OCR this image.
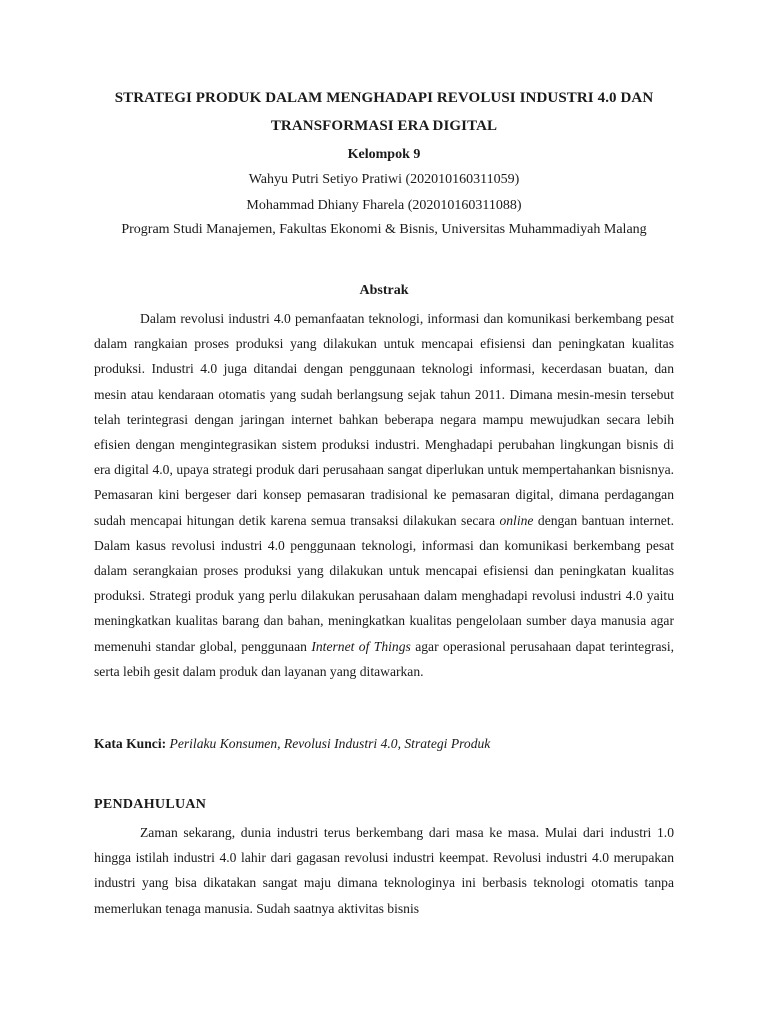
STRATEGI PRODUK DALAM MENGHADAPI REVOLUSI INDUSTRI 4.0 DAN TRANSFORMASI ERA DIGITAL
Kelompok 9
Wahyu Putri Setiyo Pratiwi (202010160311059)
Mohammad Dhiany Fharela (202010160311088)
Program Studi Manajemen, Fakultas Ekonomi & Bisnis, Universitas Muhammadiyah Malang
Abstrak
Dalam revolusi industri 4.0 pemanfaatan teknologi, informasi dan komunikasi berkembang pesat dalam rangkaian proses produksi yang dilakukan untuk mencapai efisiensi dan peningkatan kualitas produksi. Industri 4.0 juga ditandai dengan penggunaan teknologi informasi, kecerdasan buatan, dan mesin atau kendaraan otomatis yang sudah berlangsung sejak tahun 2011. Dimana mesin-mesin tersebut telah terintegrasi dengan jaringan internet bahkan beberapa negara mampu mewujudkan secara lebih efisien dengan mengintegrasikan sistem produksi industri. Menghadapi perubahan lingkungan bisnis di era digital 4.0, upaya strategi produk dari perusahaan sangat diperlukan untuk mempertahankan bisnisnya. Pemasaran kini bergeser dari konsep pemasaran tradisional ke pemasaran digital, dimana perdagangan sudah mencapai hitungan detik karena semua transaksi dilakukan secara online dengan bantuan internet. Dalam kasus revolusi industri 4.0 penggunaan teknologi, informasi dan komunikasi berkembang pesat dalam serangkaian proses produksi yang dilakukan untuk mencapai efisiensi dan peningkatan kualitas produksi. Strategi produk yang perlu dilakukan perusahaan dalam menghadapi revolusi industri 4.0 yaitu meningkatkan kualitas barang dan bahan, meningkatkan kualitas pengelolaan sumber daya manusia agar memenuhi standar global, penggunaan Internet of Things agar operasional perusahaan dapat terintegrasi, serta lebih gesit dalam produk dan layanan yang ditawarkan.
Kata Kunci: Perilaku Konsumen, Revolusi Industri 4.0, Strategi Produk
PENDAHULUAN
Zaman sekarang, dunia industri terus berkembang dari masa ke masa. Mulai dari industri 1.0 hingga istilah industri 4.0 lahir dari gagasan revolusi industri keempat. Revolusi industri 4.0 merupakan industri yang bisa dikatakan sangat maju dimana teknologinya ini berbasis teknologi otomatis tanpa memerlukan tenaga manusia. Sudah saatnya aktivitas bisnis
